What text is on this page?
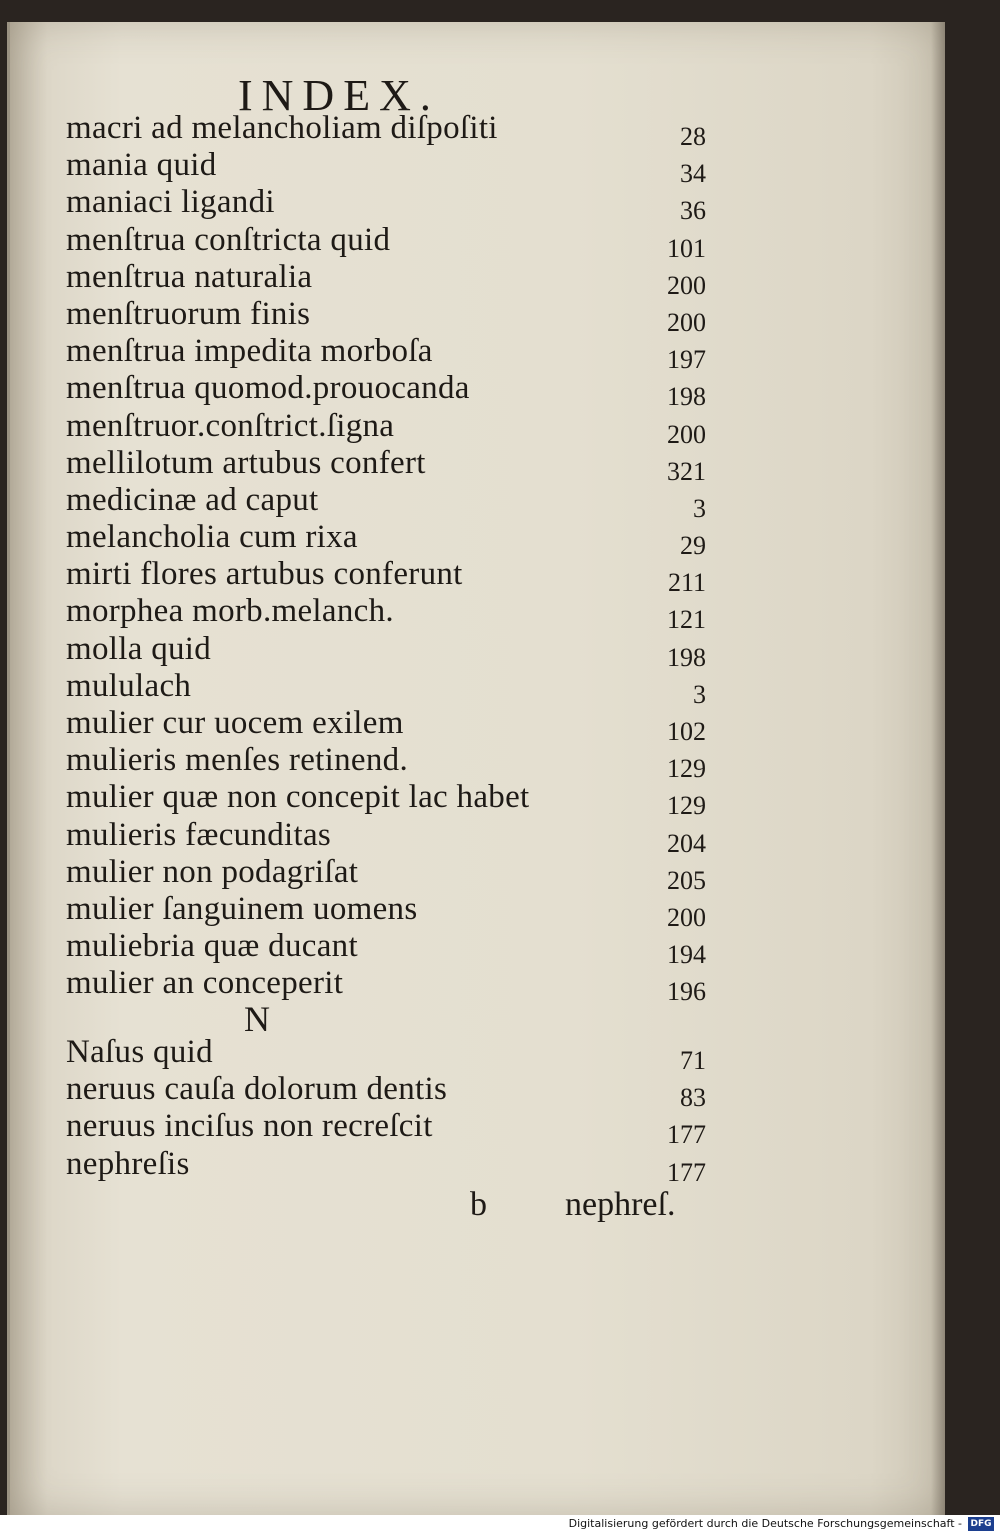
INDEX.
macri ad melancholiam diſpoſiti	28
mania quid	34
maniaci ligandi	36
menſtrua conſtricta quid	101
menſtrua naturalia	200
menſtruorum finis	200
menſtrua impedita morboſa	197
menſtrua quomod.prouocanda	198
menſtruor.conſtrict.ſigna	200
mellilotum artubus confert	321
medicinæ ad caput	3
melancholia cum rixa	29
mirti flores artubus conferunt	211
morphea morb.melanch.	121
molla quid	198
mululach	3
mulier cur uocem exilem	102
mulieris menſes retinend.	129
mulier quæ non concepit lac habet	129
mulieris fæcunditas	204
mulier non podagriſat	205
mulier ſanguinem uomens	200
muliebria quæ ducant	194
mulier an conceperit	196
N
Naſus quid	71
neruus cauſa dolorum dentis	83
neruus inciſus non recreſcit	177
nephreſis	177
b nephreſ.
Digitalisierung gefördert durch die Deutsche Forschungsgemeinschaft - DFG
